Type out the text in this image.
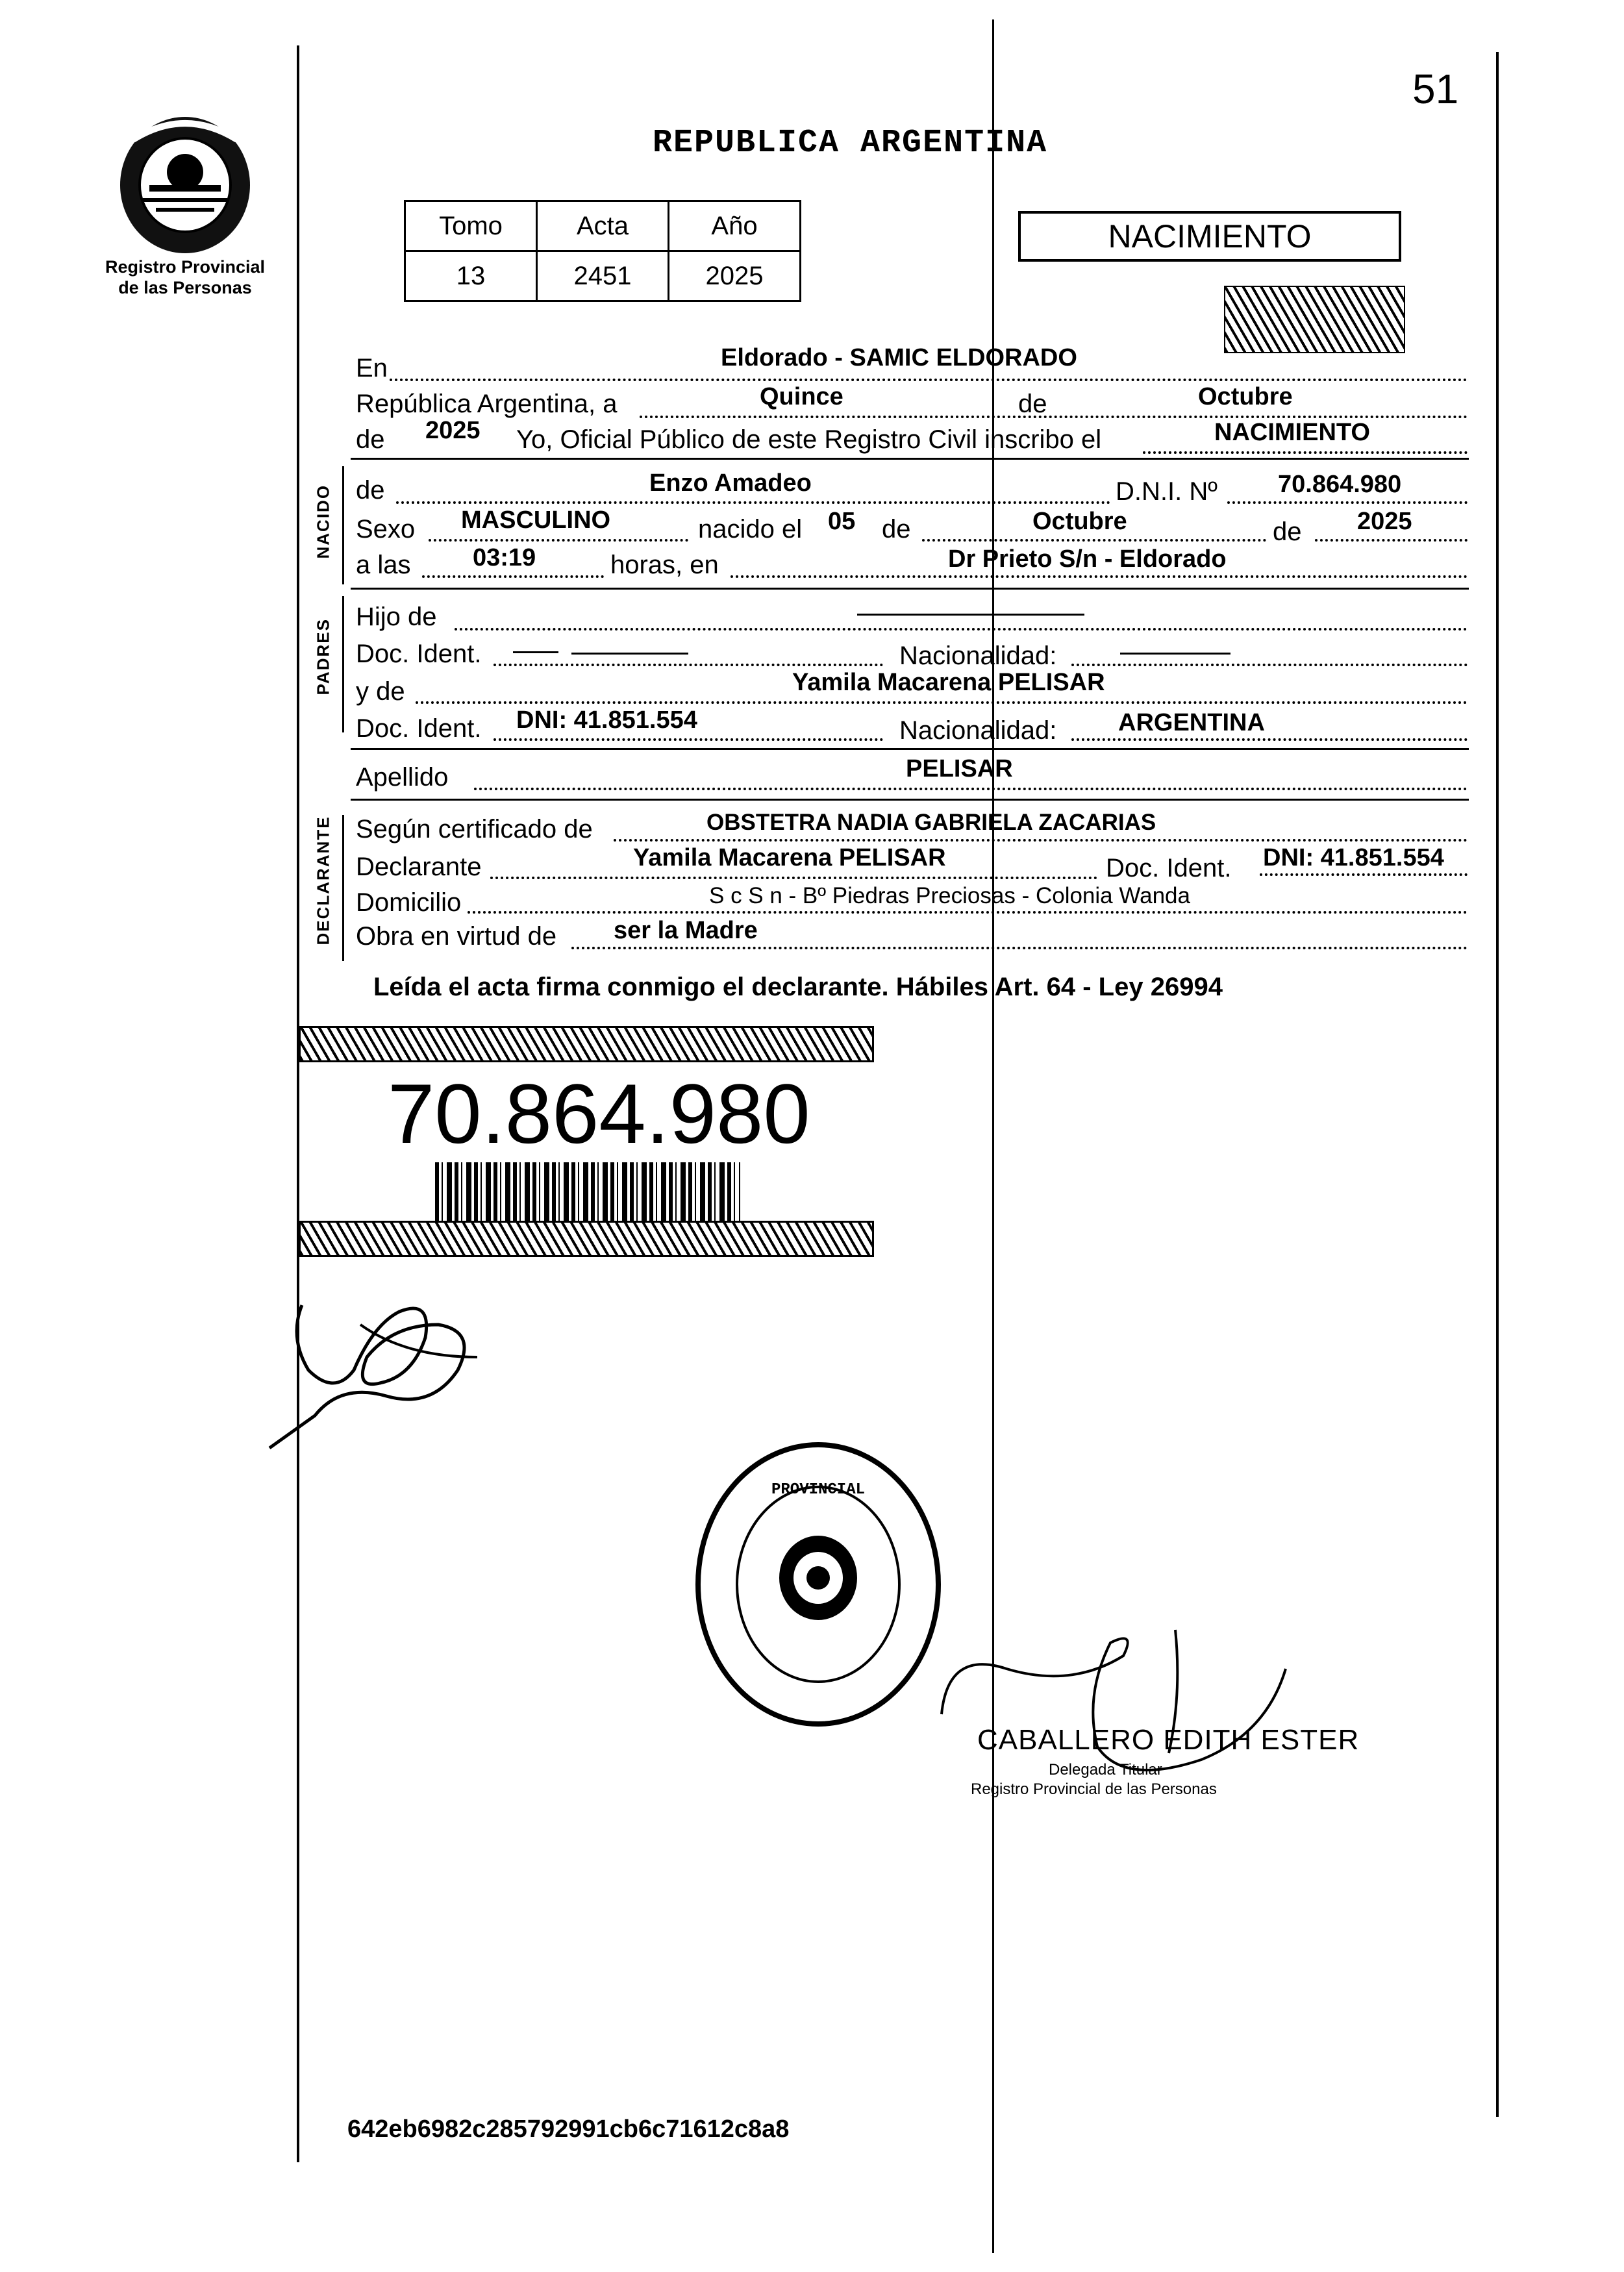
51
Registro Provincial
de las Personas
REPUBLICA ARGENTINA
Tomo	Acta	Año
13	2451	2025
NACIMIENTO
En	Eldorado - SAMIC ELDORADO
República Argentina, a	Quince	de	Octubre
de 2025 Yo, Oficial Público de este Registro Civil inscribo el	NACIMIENTO
NACIDO de	Enzo Amadeo	D.N.I. Nº 70.864.980
Sexo MASCULINO	nacido el 05 de	Octubre	de 2025
a las	03:19	horas, en	Dr Prieto S/n - Eldorado
PADRES
Hijo de
Doc. Ident.	Nacionalidad:
y de	Yamila Macarena PELISAR
Doc. Ident. DNI: 41.851.554	Nacionalidad: ARGENTINA
Apellido	PELISAR
DECLARANTE Según certificado de	OBSTETRA NADIA GABRIELA ZACARIAS
Declarante	Yamila Macarena PELISAR	Doc. Ident. DNI: 41.851.554
Domicilio	S c S n - Bº Piedras Preciosas - Colonia Wanda
Obra en virtud de ser la Madre
Leída el acta firma conmigo el declarante. Hábiles Art. 64 - Ley 26994
70.864.980
PROVINCIAL
CABALLERO EDITH ESTER
Delegada Titular
Registro Provincial de las Personas
642eb6982c285792991cb6c71612c8a8
